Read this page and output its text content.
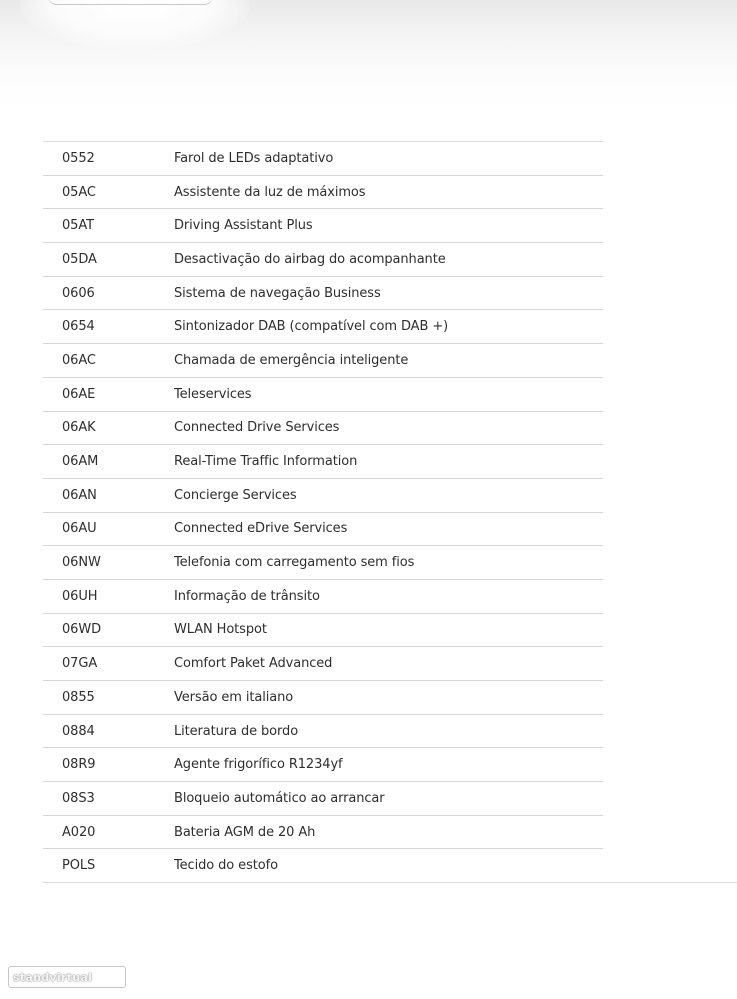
0552	Farol de LEDs adaptativo
05AC	Assistente da luz de máximos
05AT	Driving Assistant Plus
05DA	Desactivação do airbag do acompanhante
0606	Sistema de navegação Business
0654	Sintonizador DAB (compatível com DAB +)
06AC	Chamada de emergência inteligente
06AE	Teleservices
06AK	Connected Drive Services
06AM	Real-Time Traffic Information
06AN	Concierge Services
06AU	Connected eDrive Services
06NW	Telefonia com carregamento sem fios
06UH	Informação de trânsito
06WD	WLAN Hotspot
07GA	Comfort Paket Advanced
0855	Versão em italiano
0884	Literatura de bordo
08R9	Agente frigorífico R1234yf
08S3	Bloqueio automático ao arrancar
A020	Bateria AGM de 20 Ah
POLS	Tecido do estofo
standvirtual
